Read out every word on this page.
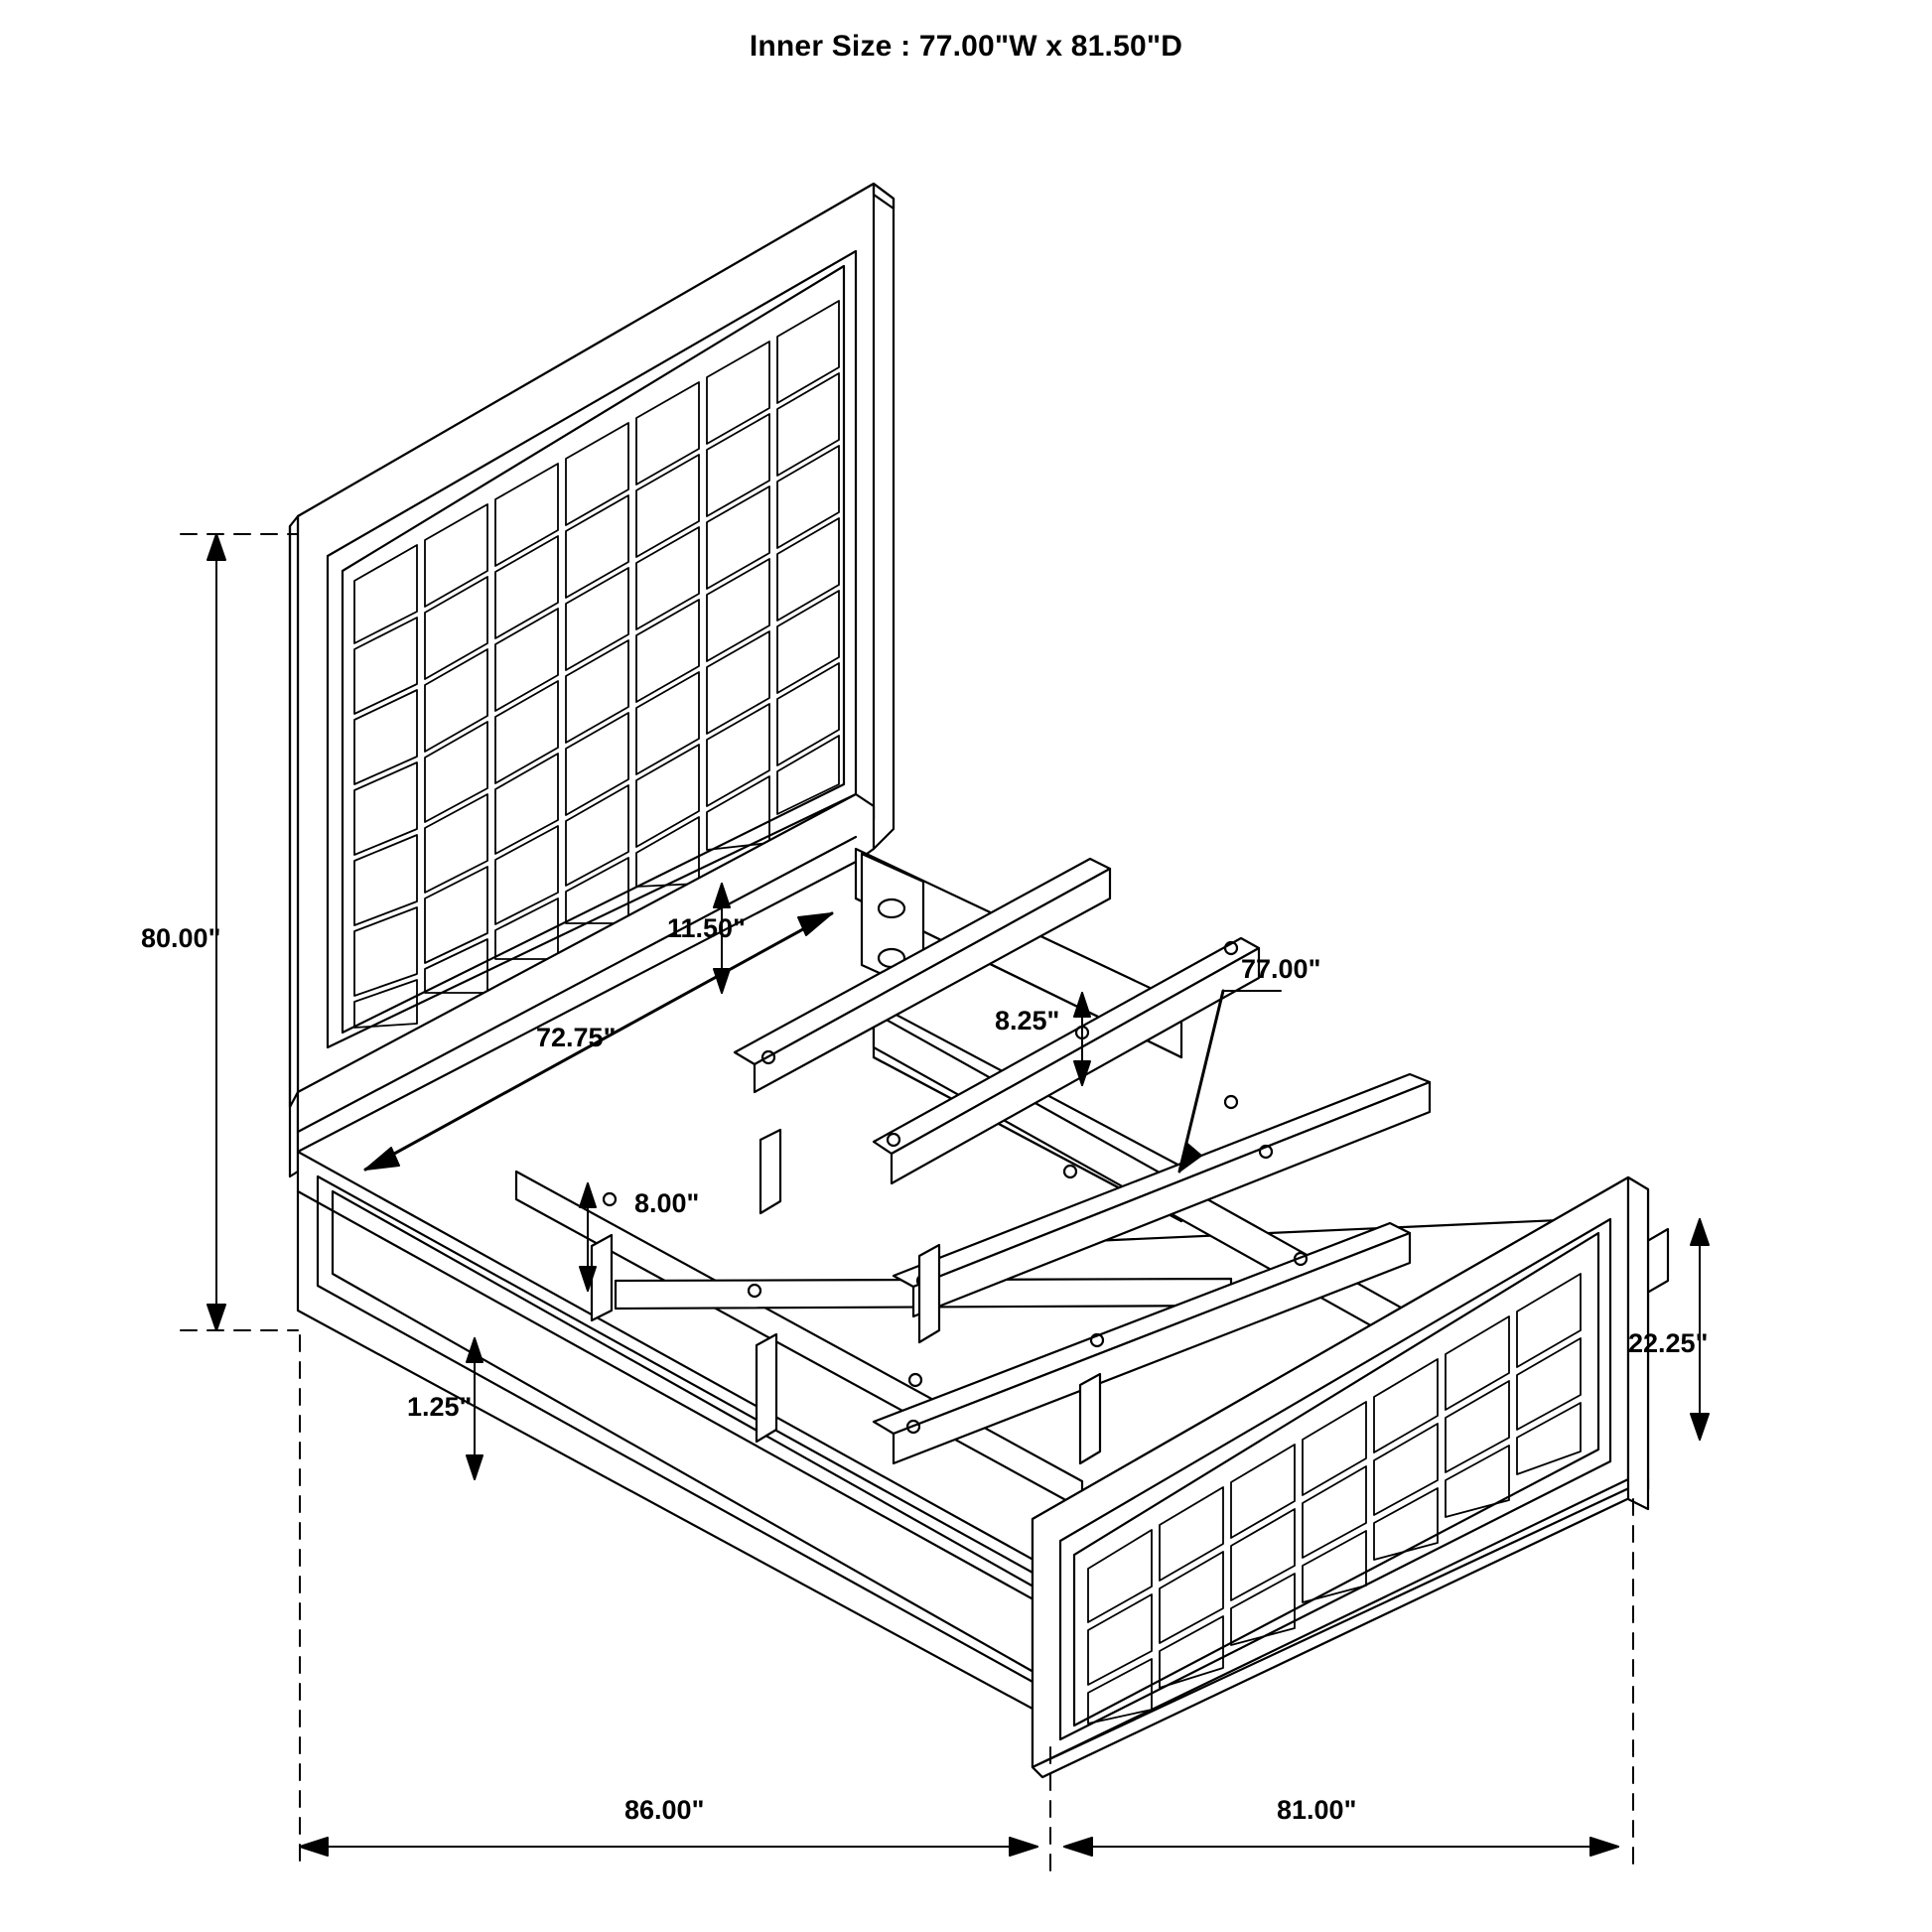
Inner Size : 77.00"W x 81.50"D
80.00"
72.75"
11.50"
8.25"
77.00"
8.00"
22.25"
1.25"
86.00"	81.00"
